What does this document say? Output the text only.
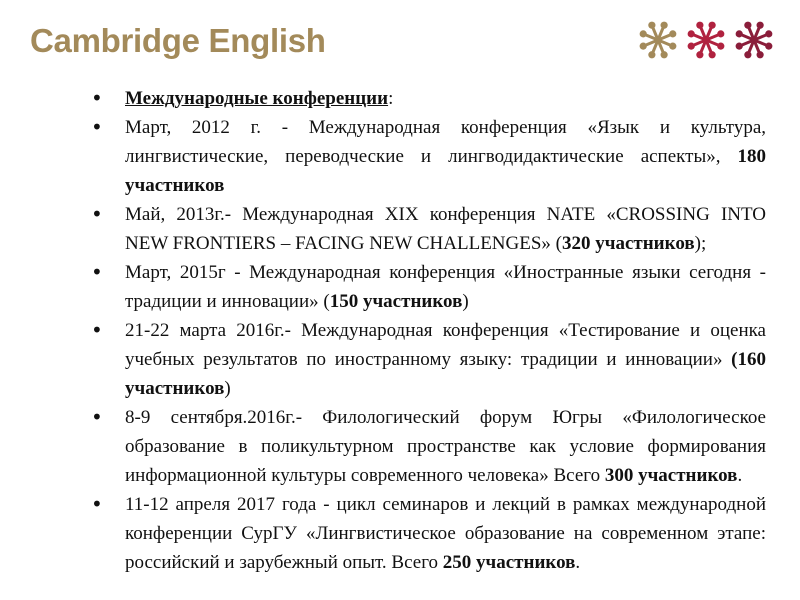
Cambridge English

• Международные конференции:

• Март, 2012 г. - Международная конференция «Язык и культура, лингвистические, переводческие и лингводидактические аспекты», 180 участников

• Май, 2013г.- Международная XIX конференция NATE «CROSSING INTO NEW FRONTIERS – FACING NEW CHALLENGES» (320 участников);

• Март, 2015г - Международная конференция «Иностранные языки сегодня - традиции и инновации» (150 участников)

• 21-22 марта 2016г.- Международная конференция «Тестирование и оценка учебных результатов по иностранному языку: традиции и инновации» (160 участников)

• 8-9 сентября.2016г.- Филологический форум Югры «Филологическое образование в поликультурном пространстве как условие формирования информационной культуры современного человека» Всего 300 участников.

• 11-12 апреля 2017 года - цикл семинаров и лекций в рамках международной конференции СурГУ «Лингвистическое образование на современном этапе: российский и зарубежный опыт. Всего 250 участников.
